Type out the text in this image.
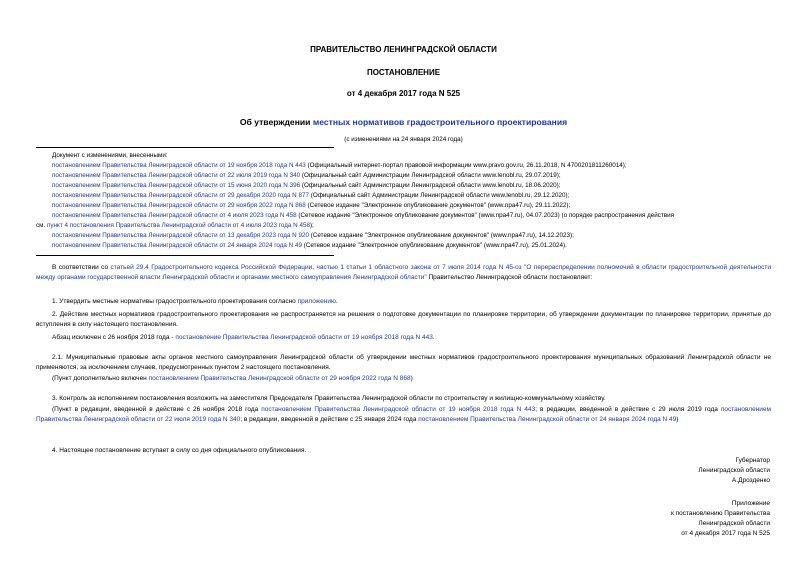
ПРАВИТЕЛЬСТВО ЛЕНИНГРАДСКОЙ ОБЛАСТИ
ПОСТАНОВЛЕНИЕ
от 4 декабря 2017 года N 525
Об утверждении местных нормативов градостроительного проектирования
(с изменениями на 24 января 2024 года)
Документ с изменениями, внесенными:
постановлением Правительства Ленинградской области от 19 ноября 2018 года N 443 (Официальный интернет-портал правовой информации www.pravo.gov.ru, 26.11.2018, N 4700201811260014);
постановлением Правительства Ленинградской области от 22 июля 2019 года N 340 (Официальный сайт Администрации Ленинградской области www.lenobl.ru, 29.07.2019);
постановлением Правительства Ленинградской области от 15 июня 2020 года N 396 (Официальный сайт Администрации Ленинградской области www.lenobl.ru, 18.06.2020);
постановлением Правительства Ленинградской области от 29 декабря 2020 года N 877 (Официальный сайт Администрации Ленинградской области www.lenobl.ru, 29.12.2020);
постановлением Правительства Ленинградской области от 29 ноября 2022 года N 868 (Сетевое издание "Электронное опубликование документов" (www.npa47.ru), 29.11.2022);
постановлением Правительства Ленинградской области от 4 июля 2023 года N 458 (Сетевое издание "Электронное опубликование документов" (www.npa47.ru), 04.07.2023) (о порядке распространения действия
см. пункт 4 постановления Правительства Ленинградской области от 4 июля 2023 года N 458);
постановлением Правительства Ленинградской области от 13 декабря 2023 года N 920 (Сетевое издание "Электронное опубликование документов" (www.npa47.ru), 14.12.2023);
постановлением Правительства Ленинградской области от 24 января 2024 года N 49 (Сетевое издание "Электронное опубликование документов" (www.npa47.ru), 25.01.2024).
В соответствии со статьей 29.4 Градостроительного кодекса Российской Федерации, частью 1 статьи 1 областного закона от 7 июля 2014 года N 45-оз "О перераспределении полномочий в области градостроительной деятельности между органами государственной власти Ленинградской области и органами местного самоуправления Ленинградской области" Правительство Ленинградской области постановляет:
1. Утвердить местные нормативы градостроительного проектирования согласно приложению.
2. Действие местных нормативов градостроительного проектирования не распространяется на решения о подготовке документации по планировке территории, об утверждении документации по планировке территории, принятые до вступления в силу настоящего постановления.
Абзац исключен с 26 ноября 2018 года - постановление Правительства Ленинградской области от 19 ноября 2018 года N 443.
2.1. Муниципальные правовые акты органов местного самоуправления Ленинградской области об утверждении местных нормативов градостроительного проектирования муниципальных образований Ленинградской области не применяются, за исключением случаев, предусмотренных пунктом 2 настоящего постановления.
(Пункт дополнительно включен постановлением Правительства Ленинградской области от 29 ноября 2022 года N 868)
3. Контроль за исполнением постановления возложить на заместителя Председателя Правительства Ленинградской области по строительству и жилищно-коммунальному хозяйству.
(Пункт в редакции, введенной в действие с 26 ноября 2018 года постановлением Правительства Ленинградской области от 19 ноября 2018 года N 443; в редакции, введенной в действие с 29 июля 2019 года постановлением Правительства Ленинградской области от 22 июля 2019 года N 340; в редакции, введенной в действие с 25 января 2024 года постановлением Правительства Ленинградской области от 24 января 2024 года N 49)
4. Настоящее постановление вступает в силу со дня официального опубликования.
Губернатор
Ленинградской области
А.Дрозденко
Приложение
к постановлению Правительства
Ленинградской области
от 4 декабря 2017 года N 525
